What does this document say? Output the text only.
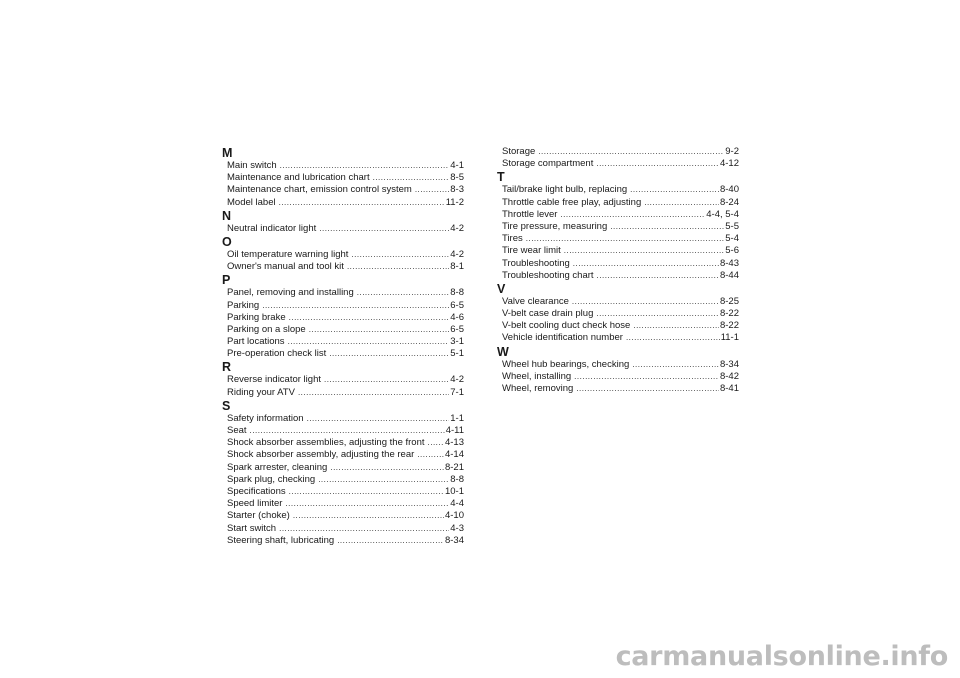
M
Main switch .....	4-1
Maintenance and lubrication chart .....	8-5
Maintenance chart, emission control system .....	8-3
Model label .....	11-2
N
Neutral indicator light .....	4-2
O
Oil temperature warning light .....	4-2
Owner's manual and tool kit .....	8-1
P
Panel, removing and installing .....	8-8
Parking .....	6-5
Parking brake .....	4-6
Parking on a slope .....	6-5
Part locations .....	3-1
Pre-operation check list .....	5-1
R
Reverse indicator light .....	4-2
Riding your ATV .....	7-1
S
Safety information .....	1-1
Seat .....	4-11
Shock absorber assemblies, adjusting the front .....	4-13
Shock absorber assembly, adjusting the rear .....	4-14
Spark arrester, cleaning .....	8-21
Spark plug, checking .....	8-8
Specifications .....	10-1
Speed limiter .....	4-4
Starter (choke) .....	4-10
Start switch .....	4-3
Steering shaft, lubricating .....	8-34
Storage .....	9-2
Storage compartment .....	4-12
T
Tail/brake light bulb, replacing .....	8-40
Throttle cable free play, adjusting .....	8-24
Throttle lever .....	4-4, 5-4
Tire pressure, measuring .....	5-5
Tires .....	5-4
Tire wear limit .....	5-6
Troubleshooting .....	8-43
Troubleshooting chart .....	8-44
V
Valve clearance .....	8-25
V-belt case drain plug .....	8-22
V-belt cooling duct check hose .....	8-22
Vehicle identification number .....	11-1
W
Wheel hub bearings, checking .....	8-34
Wheel, installing .....	8-42
Wheel, removing .....	8-41
carmanualsonline.info
